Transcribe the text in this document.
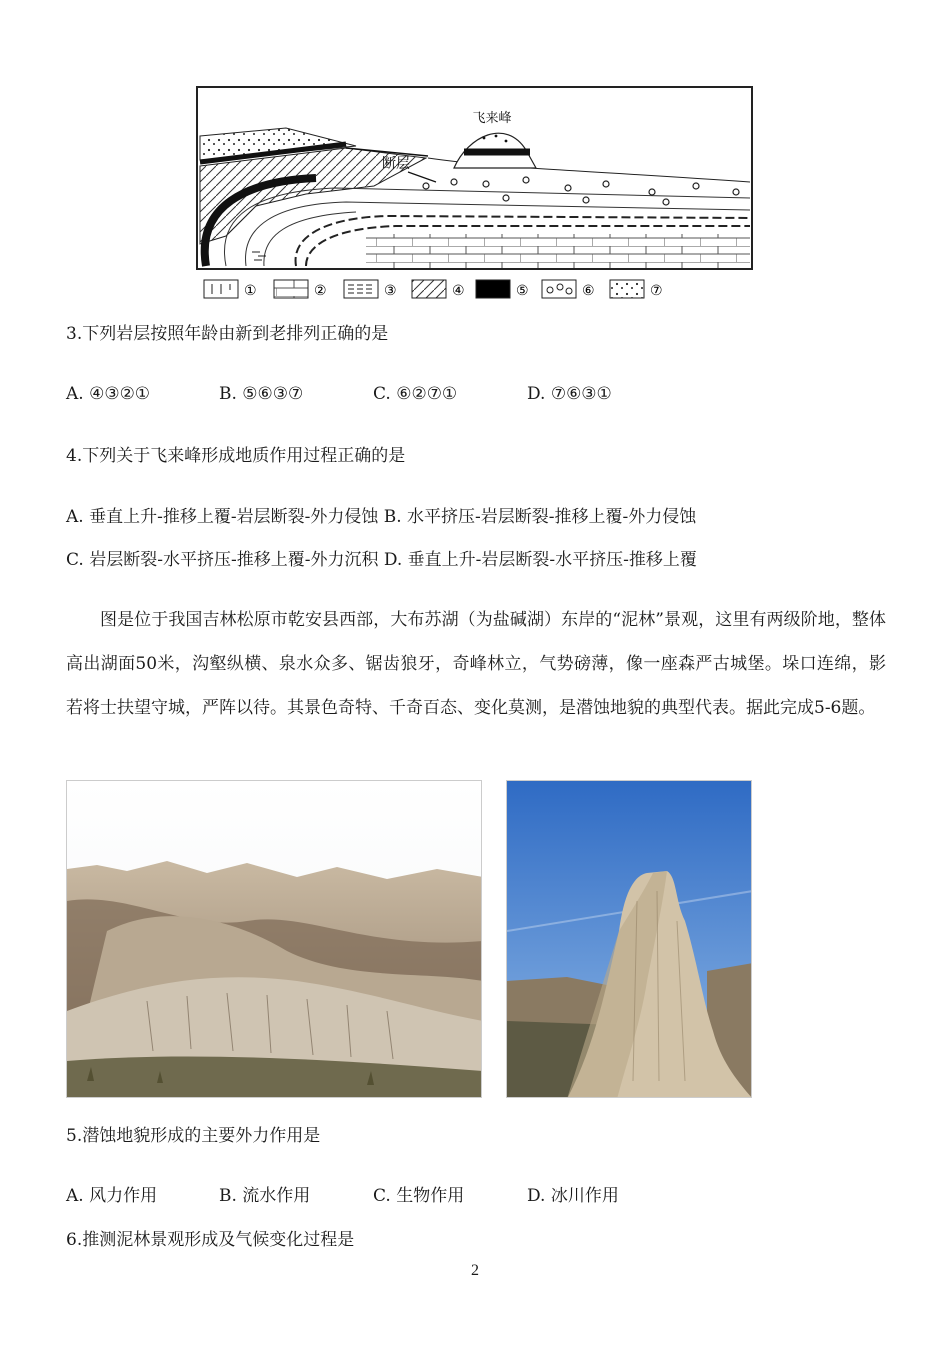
飞来峰
断层
①	②	③	④	⑤	⑥	⑦
3.下列岩层按照年龄由新到老排列正确的是
A. ④③②①	B. ⑤⑥③⑦	C. ⑥②⑦①	D. ⑦⑥③①
4.下列关于飞来峰形成地质作用过程正确的是
A. 垂直上升-推移上覆-岩层断裂-外力侵蚀 B. 水平挤压-岩层断裂-推移上覆-外力侵蚀
C. 岩层断裂-水平挤压-推移上覆-外力沉积 D. 垂直上升-岩层断裂-水平挤压-推移上覆
图是位于我国吉林松原市乾安县西部，大布苏湖（为盐碱湖）东岸的“泥林”景观，这里有两级阶地，整体高出湖面50米，沟壑纵横、泉水众多、锯齿狼牙，奇峰林立，气势磅薄，像一座森严古城堡。垛口连绵，影若将士扶望守城，严阵以待。其景色奇特、千奇百态、变化莫测，是潜蚀地貌的典型代表。据此完成5-6题。
5.潜蚀地貌形成的主要外力作用是
A. 风力作用	B. 流水作用	C. 生物作用	D. 冰川作用
6.推测泥林景观形成及气候变化过程是
2
